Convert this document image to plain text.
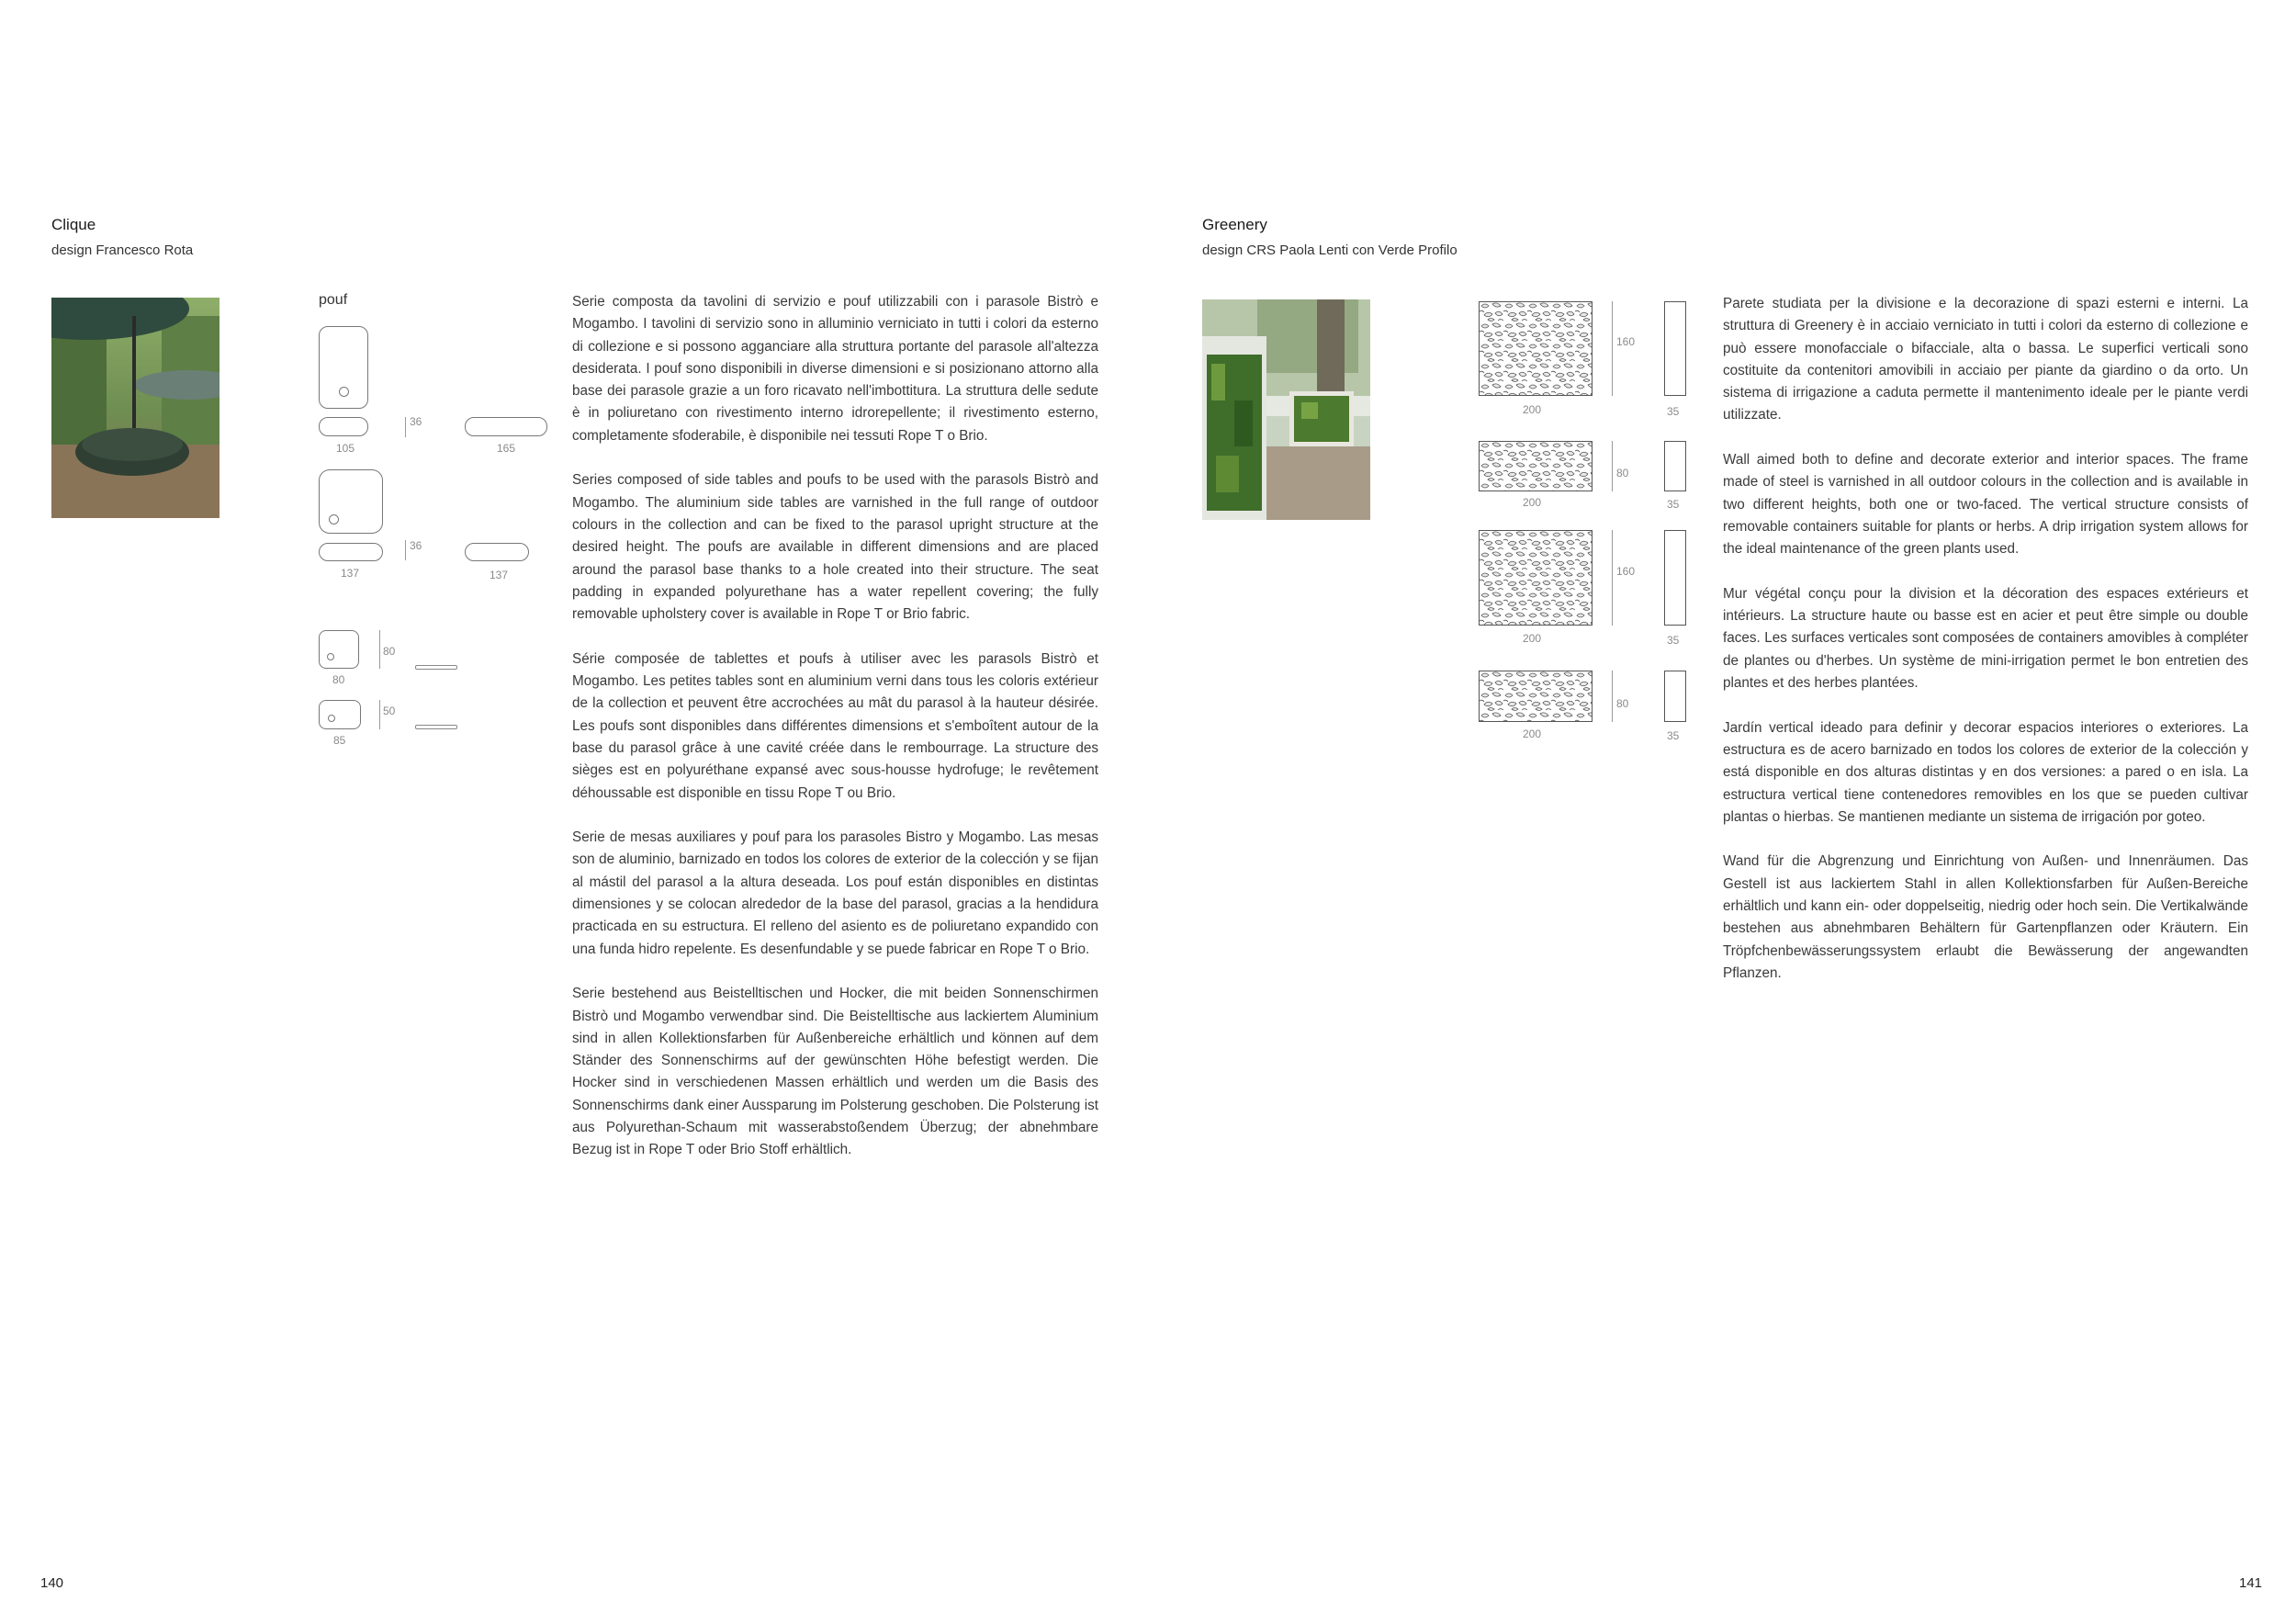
Clique
design Francesco Rota
pouf
36
105	165
36
137	137
80
80
50
85

Serie composta da tavolini di servizio e pouf utilizzabili con i parasole Bistrò e Mogambo. I tavolini di servizio sono in alluminio verniciato in tutti i colori da esterno di collezione e si possono agganciare alla struttura portante del parasole all'altezza desiderata. I pouf sono disponibili in diverse dimensioni e si posizionano attorno alla base dei parasole grazie a un foro ricavato nell'imbottitura. La struttura delle sedute è in poliuretano con rivestimento interno idrorepellente; il rivestimento esterno, completamente sfoderabile, è disponibile nei tessuti Rope T o Brio.

Series composed of side tables and poufs to be used with the parasols Bistrò and Mogambo. The aluminium side tables are varnished in the full range of outdoor colours in the collection and can be fixed to the parasol upright structure at the desired height. The poufs are available in different dimensions and are placed around the parasol base thanks to a hole created into their structure. The seat padding in expanded polyurethane has a water repellent covering; the fully removable upholstery cover is available in Rope T or Brio fabric.

Série composée de tablettes et poufs à utiliser avec les parasols Bistrò et Mogambo. Les petites tables sont en aluminium verni dans tous les coloris extérieur de la collection et peuvent être accrochées au mât du parasol à la hauteur désirée. Les poufs sont disponibles dans différentes dimensions et s'emboîtent autour de la base du parasol grâce à une cavité créée dans le rembourrage. La structure des sièges est en polyuréthane expansé avec sous-housse hydrofuge; le revêtement déhoussable est disponible en tissu Rope T ou Brio.

Serie de mesas auxiliares y pouf para los parasoles Bistro y Mogambo. Las mesas son de aluminio, barnizado en todos los colores de exterior de la colección y se fijan al mástil del parasol a la altura deseada. Los pouf están disponibles en distintas dimensiones y se colocan alrededor de la base del parasol, gracias a la hendidura practicada en su estructura. El relleno del asiento es de poliuretano expandido con una funda hidro repelente. Es desenfundable y se puede fabricar en Rope T o Brio.

Serie bestehend aus Beistelltischen und Hocker, die mit beiden Sonnenschirmen Bistrò und Mogambo verwendbar sind. Die Beistelltische aus lackiertem Aluminium sind in allen Kollektionsfarben für Außenbereiche erhältlich und können auf dem Ständer des Sonnenschirms auf der gewünschten Höhe befestigt werden. Die Hocker sind in verschiedenen Massen erhältlich und werden um die Basis des Sonnenschirms dank einer Aussparung im Polsterung geschoben. Die Polsterung ist aus Polyurethan-Schaum mit wasserabstoßendem Überzug; der abnehmbare Bezug ist in Rope T oder Brio Stoff erhältlich.

140
Greenery
design CRS Paola Lenti con Verde Profilo
160
200	35
80
200	35
160
200	35
80
200	35

Parete studiata per la divisione e la decorazione di spazi esterni e interni. La struttura di Greenery è in acciaio verniciato in tutti i colori da esterno di collezione e può essere monofacciale o bifacciale, alta o bassa. Le superfici verticali sono costituite da contenitori amovibili in acciaio per piante da giardino o da orto. Un sistema di irrigazione a caduta permette il mantenimento ideale per le piante verdi utilizzate.

Wall aimed both to define and decorate exterior and interior spaces. The frame made of steel is varnished in all outdoor colours in the collection and is available in two different heights, both one or two-faced. The vertical structure consists of removable containers suitable for plants or herbs. A drip irrigation system allows for the ideal maintenance of the green plants used.

Mur végétal conçu pour la division et la décoration des espaces extérieurs et intérieurs. La structure haute ou basse est en acier et peut être simple ou double faces. Les surfaces verticales sont composées de containers amovibles à compléter de plantes ou d'herbes. Un système de mini-irrigation permet le bon entretien des plantes et des herbes plantées.

Jardín vertical ideado para definir y decorar espacios interiores o exteriores. La estructura es de acero barnizado en todos los colores de exterior de la colección y está disponible en dos alturas distintas y en dos versiones: a pared o en isla. La estructura vertical tiene contenedores removibles en los que se pueden cultivar plantas o hierbas. Se mantienen mediante un sistema de irrigación por goteo.

Wand für die Abgrenzung und Einrichtung von Außen- und Innenräumen. Das Gestell ist aus lackiertem Stahl in allen Kollektionsfarben für Außen-Bereiche erhältlich und kann ein- oder doppelseitig, niedrig oder hoch sein. Die Vertikalwände bestehen aus abnehmbaren Behältern für Gartenpflanzen oder Kräutern. Ein Tröpfchenbewässerungssystem erlaubt die Bewässerung der angewandten Pflanzen.

141
